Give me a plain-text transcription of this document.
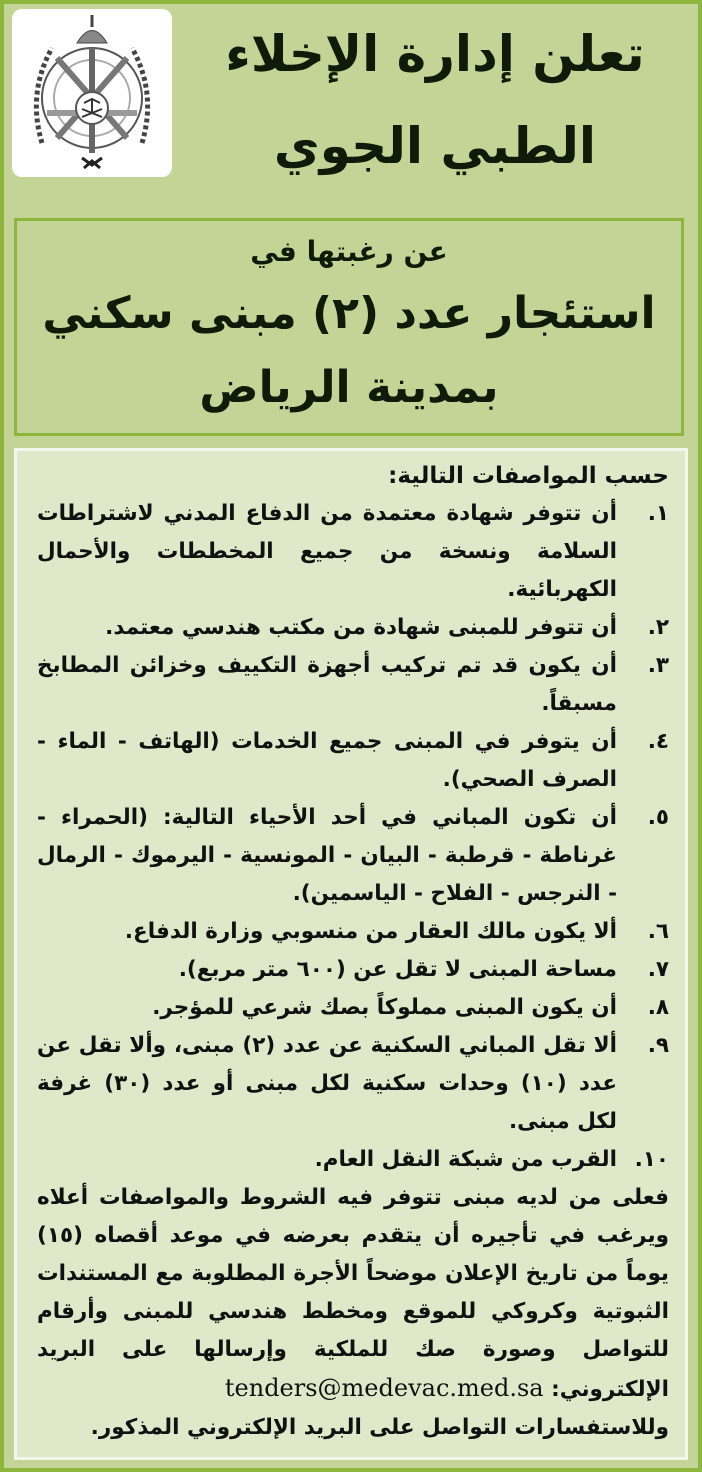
تعلن إدارة الإخلاء
الطبي الجوي
عن رغبتها في
استئجار عدد (٢) مبنى سكني
بمدينة الرياض
حسب المواصفات التالية:
١.
أن تتوفر شهادة معتمدة من الدفاع المدني لاشتراطات السلامة ونسخة من جميع المخططات والأحمال الكهربائية.
٢.
أن تتوفر للمبنى شهادة من مكتب هندسي معتمد.
٣.
أن يكون قد تم تركيب أجهزة التكييف وخزائن المطابخ مسبقاً.
٤.
أن يتوفر في المبنى جميع الخدمات (الهاتف - الماء - الصرف الصحي).
٥.
أن تكون المباني في أحد الأحياء التالية: (الحمراء - غرناطة - قرطبة - البيان - المونسية - اليرموك - الرمال - النرجس - الفلاح - الياسمين).
٦.
ألا يكون مالك العقار من منسوبي وزارة الدفاع.
٧.
مساحة المبنى لا تقل عن (٦٠٠ متر مربع).
٨.
أن يكون المبنى مملوكاً بصك شرعي للمؤجر.
٩.
ألا تقل المباني السكنية عن عدد (٢) مبنى، وألا تقل عن عدد (١٠) وحدات سكنية لكل مبنى أو عدد (٣٠) غرفة لكل مبنى.
١٠.
القرب من شبكة النقل العام.
فعلى من لديه مبنى تتوفر فيه الشروط والمواصفات أعلاه ويرغب في تأجيره أن يتقدم بعرضه في موعد أقصاه (١٥) يوماً من تاريخ الإعلان موضحاً الأجرة المطلوبة مع المستندات الثبوتية وكروكي للموقع ومخطط هندسي للمبنى وأرقام للتواصل وصورة صك للملكية وإرسالها على البريد الإلكتروني: tenders@medevac.med.sa
وللاستفسارات التواصل على البريد الإلكتروني المذكور.
